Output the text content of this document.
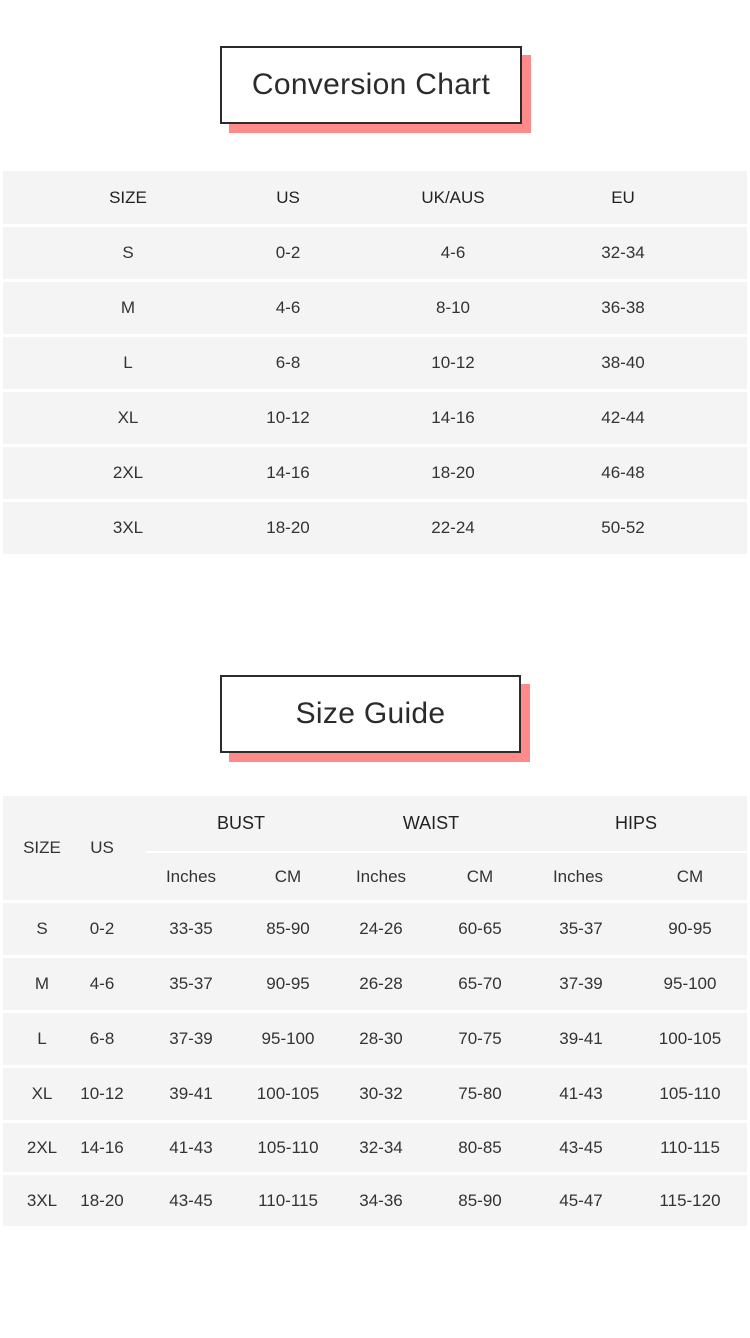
Conversion Chart
SIZE	US	UK/AUS	EU
S	0-2	4-6	32-34
M	4-6	8-10	36-38
L	6-8	10-12	38-40
XL	10-12	14-16	42-44
2XL	14-16	18-20	46-48
3XL	18-20	22-24	50-52
Size Guide
SIZE	US
BUST	WAIST	HIPS
Inches	CM	Inches	CM	Inches	CM
S	0-2	33-35	85-90	24-26	60-65	35-37	90-95
M	4-6	35-37	90-95	26-28	65-70	37-39	95-100
L	6-8	37-39	95-100	28-30	70-75	39-41	100-105
XL	10-12	39-41	100-105	30-32	75-80	41-43	105-110
2XL	14-16	41-43	105-110	32-34	80-85	43-45	110-115
3XL	18-20	43-45	110-115	34-36	85-90	45-47	115-120
